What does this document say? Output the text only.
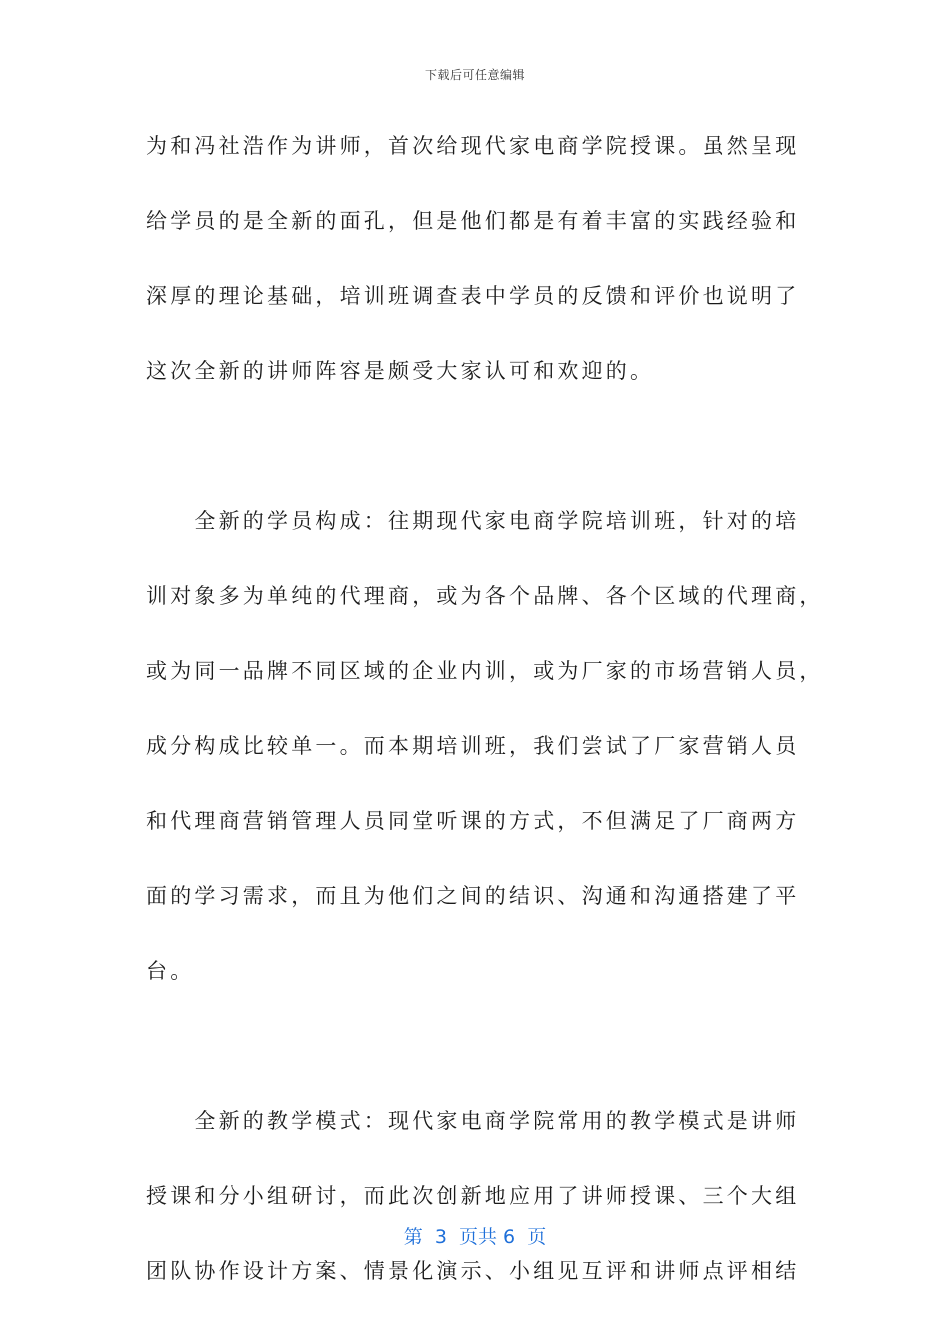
下载后可任意编辑
为和冯社浩作为讲师，首次给现代家电商学院授课。虽然呈现
给学员的是全新的面孔，但是他们都是有着丰富的实践经验和
深厚的理论基础，培训班调查表中学员的反馈和评价也说明了
这次全新的讲师阵容是颇受大家认可和欢迎的。
　　全新的学员构成：往期现代家电商学院培训班，针对的培
训对象多为单纯的代理商，或为各个品牌、各个区域的代理商，
或为同一品牌不同区域的企业内训，或为厂家的市场营销人员，
成分构成比较单一。而本期培训班，我们尝试了厂家营销人员
和代理商营销管理人员同堂听课的方式，不但满足了厂商两方
面的学习需求，而且为他们之间的结识、沟通和沟通搭建了平
台。
　　全新的教学模式：现代家电商学院常用的教学模式是讲师
授课和分小组研讨，而此次创新地应用了讲师授课、三个大组
团队协作设计方案、情景化演示、小组见互评和讲师点评相结
第  3  页共 6  页
